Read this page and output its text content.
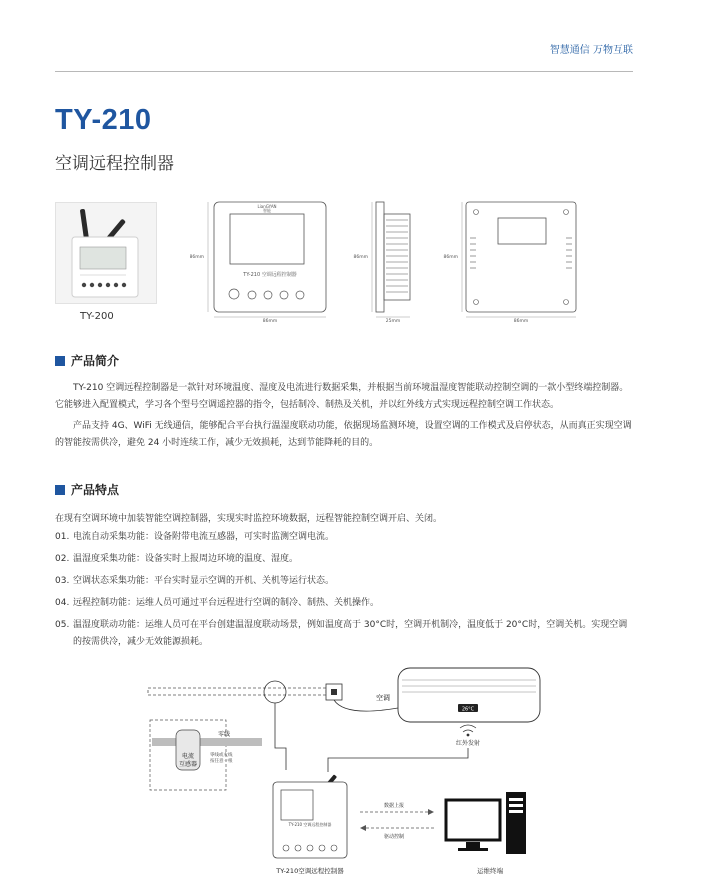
智慧通信 万物互联
TY-210
空调远程控制器
TY-200
LianGYAN
智能
TY-210 空调远程控制器
86mm
86mm	86mm
25mm
86mm
86mm
产品简介
TY-210 空调远程控制器是一款针对环境温度、湿度及电流进行数据采集，并根据当前环境温湿度智能联动控制空调的一款小型终端控制器。它能够进入配置模式，学习各个型号空调遥控器的指令，包括制冷、制热及关机，并以红外线方式实现远程控制空调工作状态。
产品支持 4G、WiFi 无线通信，能够配合平台执行温湿度联动功能，依据现场监测环境，设置空调的工作模式及启停状态，从而真正实现空调的智能按需供冷，避免 24 小时连续工作，减少无效损耗，达到节能降耗的目的。
产品特点
在现有空调环境中加装智能空调控制器，实现实时监控环境数据，远程智能控制空调开启、关闭。
01. 电流自动采集功能：设备附带电流互感器，可实时监测空调电流。
02. 温湿度采集功能：设备实时上报周边环境的温度、湿度。
03. 空调状态采集功能：平台实时显示空调的开机、关机等运行状态。
04. 远程控制功能：运维人员可通过平台远程进行空调的制冷、制热、关机操作。
05. 温湿度联动功能：运维人员可在平台创建温湿度联动场景，例如温度高于 30°C时，空调开机制冷，温度低于 20°C时，空调关机。实现空调的按需供冷，减少无效能源损耗。
空调
26°C
红外发射
零线
电流
互感器
零线或火线
按任意一根
TY-210 空调远程控制器
TY-210空调远程控制器
数据上报
驱动控制
运维终端
